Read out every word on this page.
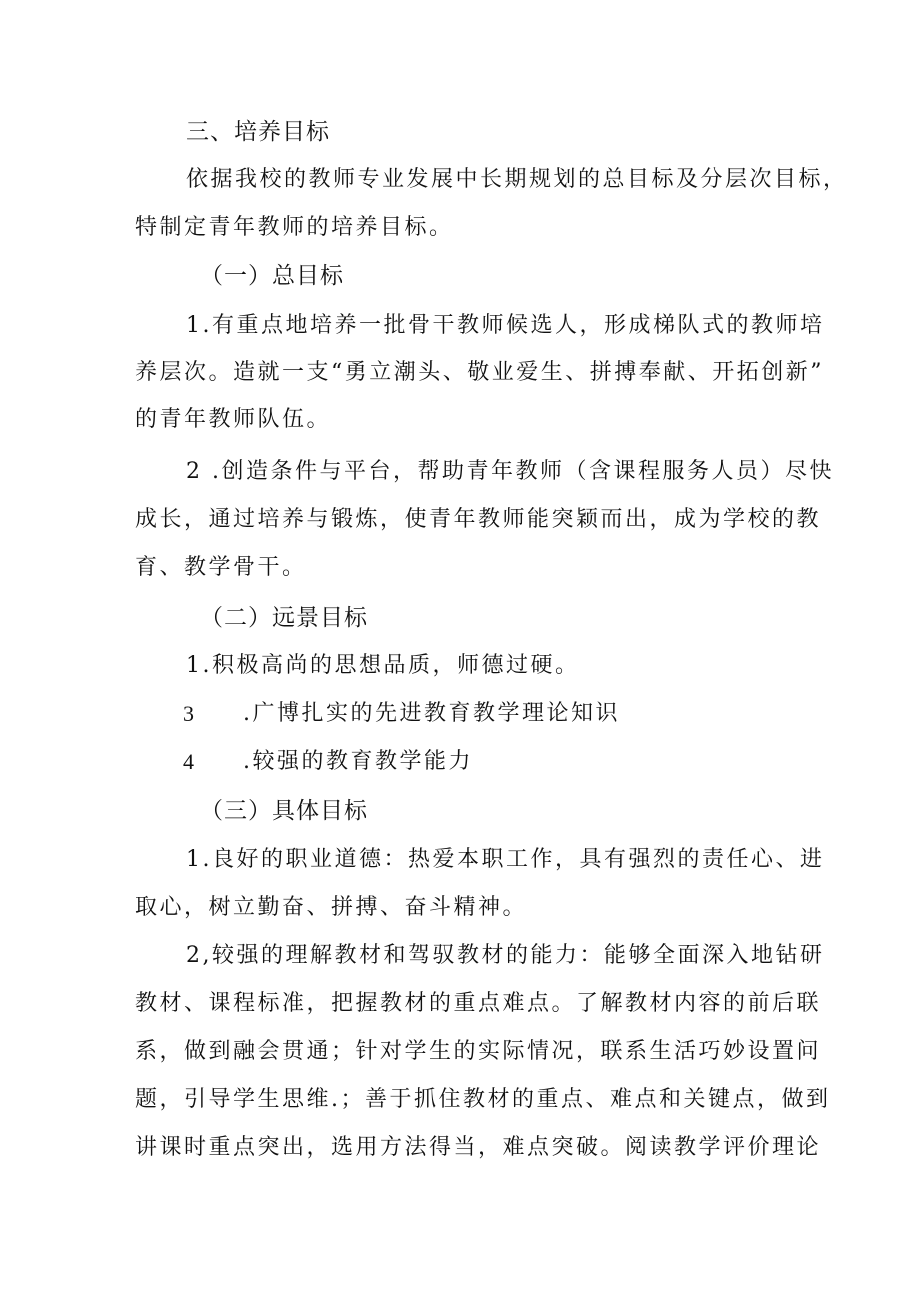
三、培养目标
依据我校的教师专业发展中长期规划的总目标及分层次目标，
特制定青年教师的培养目标。
（一）总目标
1.有重点地培养一批骨干教师候选人，形成梯队式的教师培
养层次。造就一支“勇立潮头、敬业爱生、拼搏奉献、开拓创新”
的青年教师队伍。
2 .创造条件与平台，帮助青年教师（含课程服务人员）尽快
成长，通过培养与锻炼，使青年教师能突颖而出，成为学校的教
育、教学骨干。
（二）远景目标
1.积极高尚的思想品质，师德过硬。
3 .广博扎实的先进教育教学理论知识
4 .较强的教育教学能力
（三）具体目标
1.良好的职业道德：热爱本职工作，具有强烈的责任心、进
取心，树立勤奋、拼搏、奋斗精神。
2,较强的理解教材和驾驭教材的能力：能够全面深入地钻研
教材、课程标准，把握教材的重点难点。了解教材内容的前后联
系，做到融会贯通；针对学生的实际情况，联系生活巧妙设置问
题，引导学生思维.；善于抓住教材的重点、难点和关键点，做到
讲课时重点突出，选用方法得当，难点突破。阅读教学评价理论
